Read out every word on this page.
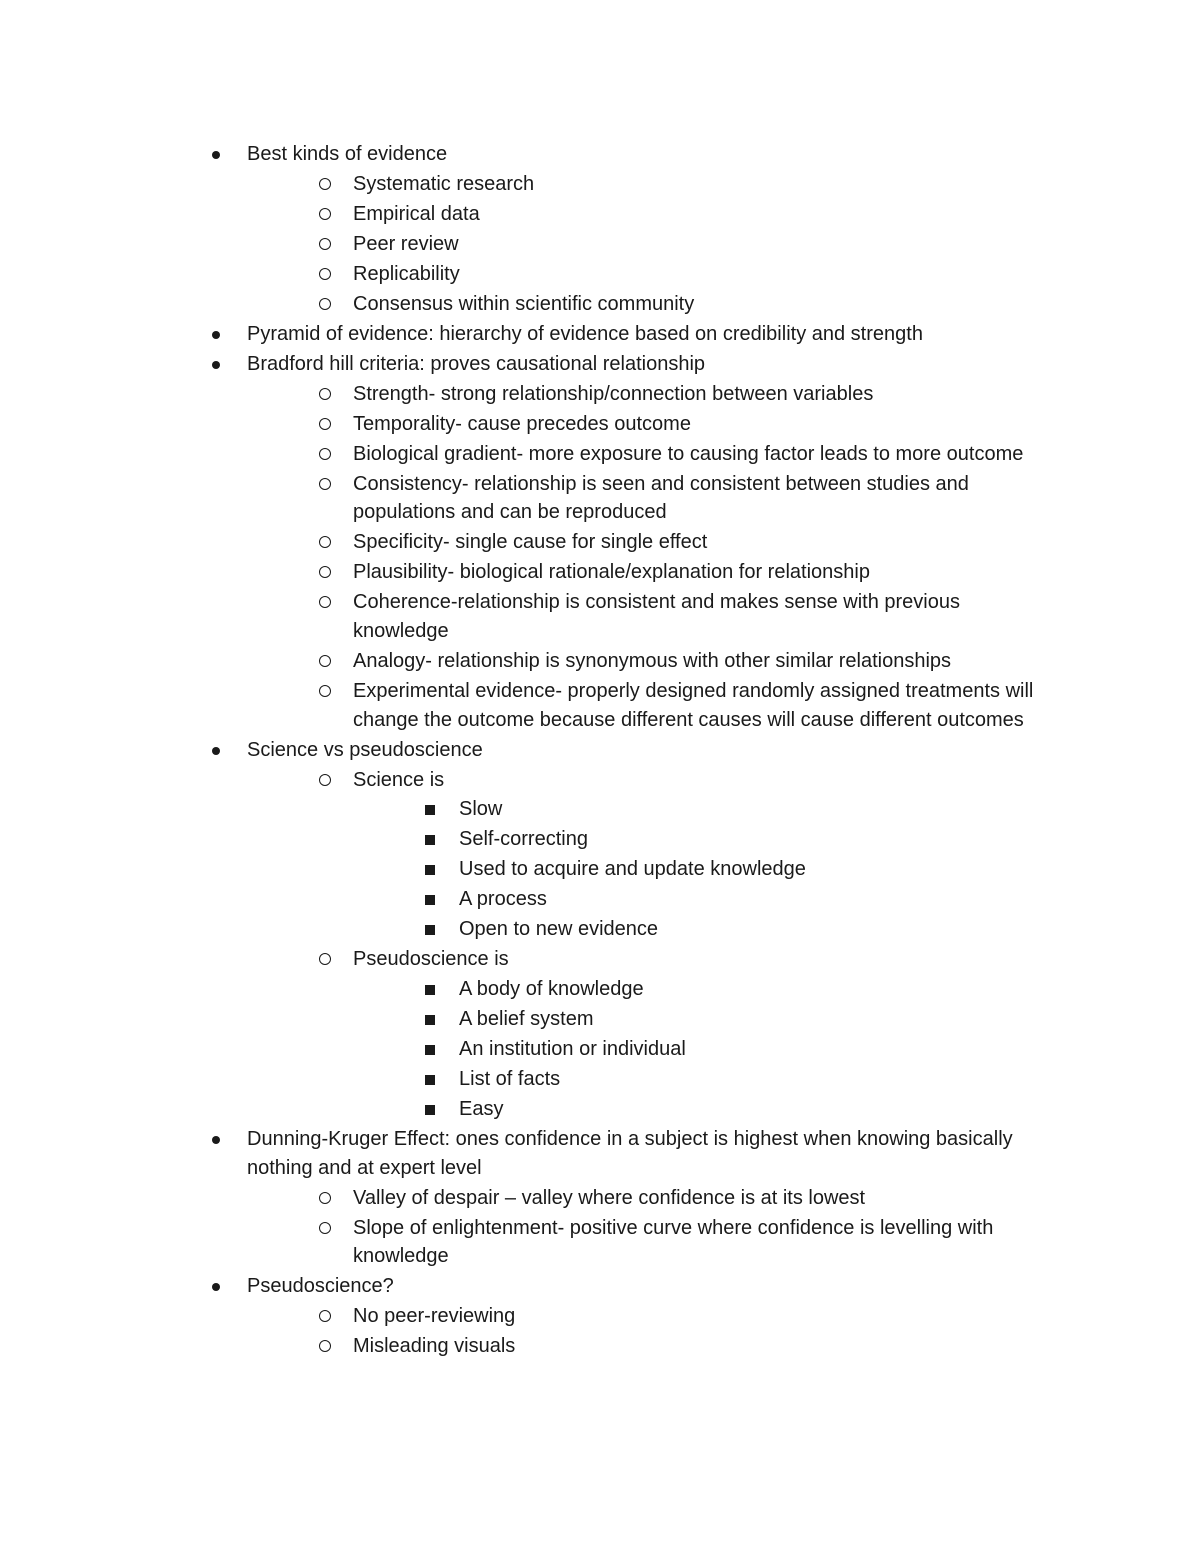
Best kinds of evidence
Systematic research
Empirical data
Peer review
Replicability
Consensus within scientific community
Pyramid of evidence: hierarchy of evidence based on credibility and strength
Bradford hill criteria: proves causational relationship
Strength- strong relationship/connection between variables
Temporality- cause precedes outcome
Biological gradient- more exposure to causing factor leads to more outcome
Consistency- relationship is seen and consistent between studies and populations and can be reproduced
Specificity- single cause for single effect
Plausibility- biological rationale/explanation for relationship
Coherence-relationship is consistent and makes sense with previous knowledge
Analogy- relationship is synonymous with other similar relationships
Experimental evidence- properly designed randomly assigned treatments will change the outcome because different causes will cause different outcomes
Science vs pseudoscience
Science is
Slow
Self-correcting
Used to acquire and update knowledge
A process
Open to new evidence
Pseudoscience is
A body of knowledge
A belief system
An institution or individual
List of facts
Easy
Dunning-Kruger Effect: ones confidence in a subject is highest when knowing basically nothing and at expert level
Valley of despair – valley where confidence is at its lowest
Slope of enlightenment- positive curve where confidence is levelling with knowledge
Pseudoscience?
No peer-reviewing
Misleading visuals
